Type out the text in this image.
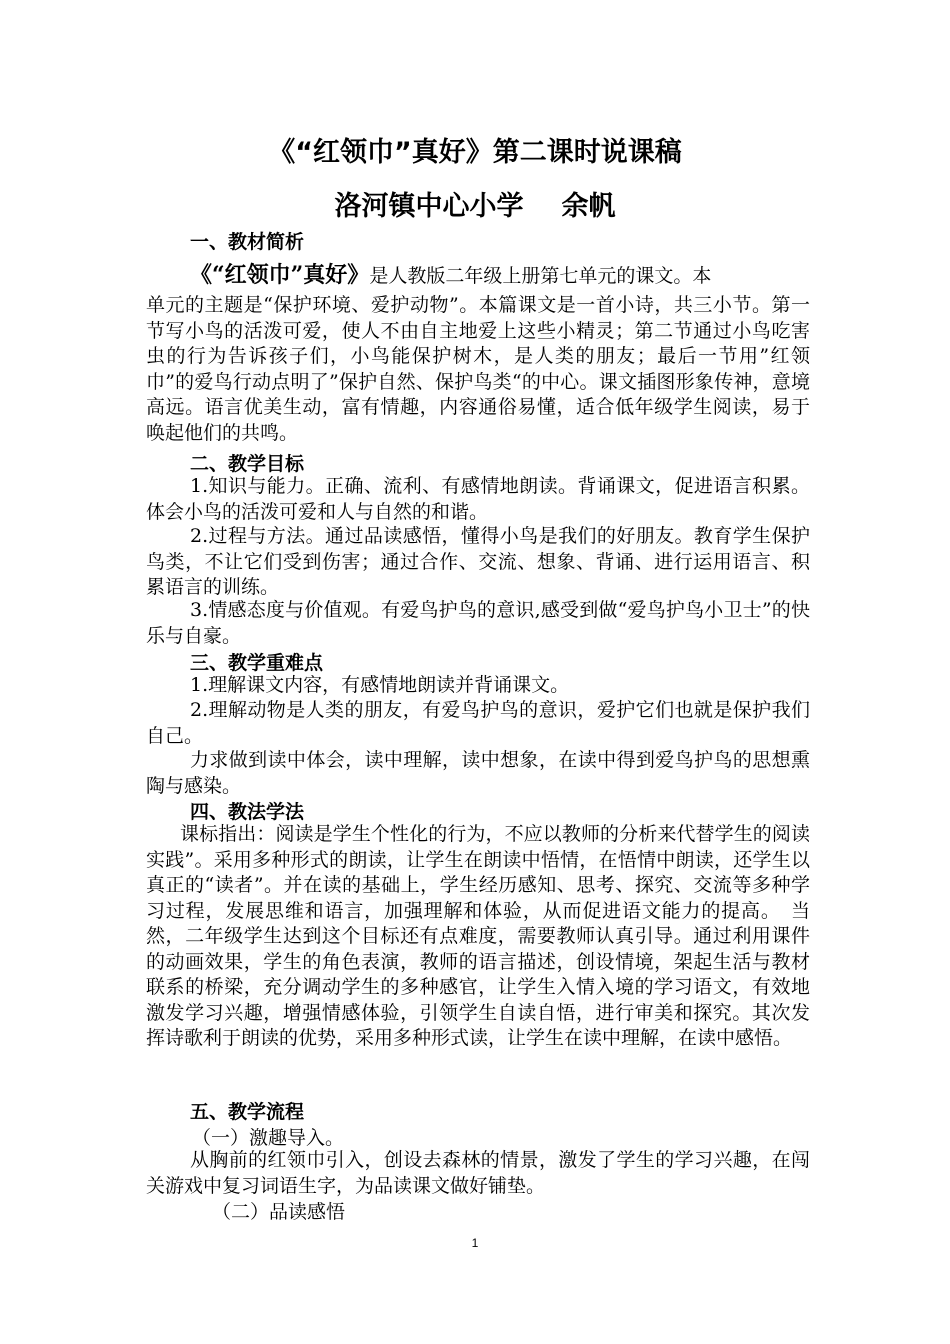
《“红领巾”真好》第二课时说课稿
洛河镇中心小学 余帆
一、教材简析
《“红领巾”真好》是人教版二年级上册第七单元的课文。本
单元的主题是“保护环境、爱护动物”。本篇课文是一首小诗，共三小节。第一节写小鸟的活泼可爱，使人不由自主地爱上这些小精灵；第二节通过小鸟吃害虫的行为告诉孩子们，小鸟能保护树木，是人类的朋友；最后一节用”红领巾”的爱鸟行动点明了”保护自然、保护鸟类“的中心。课文插图形象传神，意境高远。语言优美生动，富有情趣，内容通俗易懂，适合低年级学生阅读，易于唤起他们的共鸣。
二、教学目标
1.知识与能力。正确、流利、有感情地朗读。背诵课文，促进语言积累。体会小鸟的活泼可爱和人与自然的和谐。
2.过程与方法。通过品读感悟，懂得小鸟是我们的好朋友。教育学生保护鸟类，不让它们受到伤害；通过合作、交流、想象、背诵、进行运用语言、积累语言的训练。
3.情感态度与价值观。有爱鸟护鸟的意识,感受到做“爱鸟护鸟小卫士”的快乐与自豪。
三、教学重难点
1.理解课文内容，有感情地朗读并背诵课文。
2.理解动物是人类的朋友，有爱鸟护鸟的意识，爱护它们也就是保护我们自己。
力求做到读中体会，读中理解，读中想象，在读中得到爱鸟护鸟的思想熏陶与感染。
四、教法学法
课标指出：阅读是学生个性化的行为，不应以教师的分析来代替学生的阅读实践”。采用多种形式的朗读，让学生在朗读中悟情，在悟情中朗读，还学生以真正的“读者”。并在读的基础上，学生经历感知、思考、探究、交流等多种学习过程，发展思维和语言，加强理解和体验，从而促进语文能力的提高。　当然，二年级学生达到这个目标还有点难度，需要教师认真引导。通过利用课件的动画效果，学生的角色表演，教师的语言描述，创设情境，架起生活与教材联系的桥梁，充分调动学生的多种感官，让学生入情入境的学习语文，有效地激发学习兴趣，增强情感体验，引领学生自读自悟，进行审美和探究。其次发挥诗歌利于朗读的优势，采用多种形式读，让学生在读中理解，在读中感悟。
五、教学流程
（一）激趣导入。
从胸前的红领巾引入，创设去森林的情景，激发了学生的学习兴趣，在闯关游戏中复习词语生字，为品读课文做好铺垫。
（二）品读感悟
1
